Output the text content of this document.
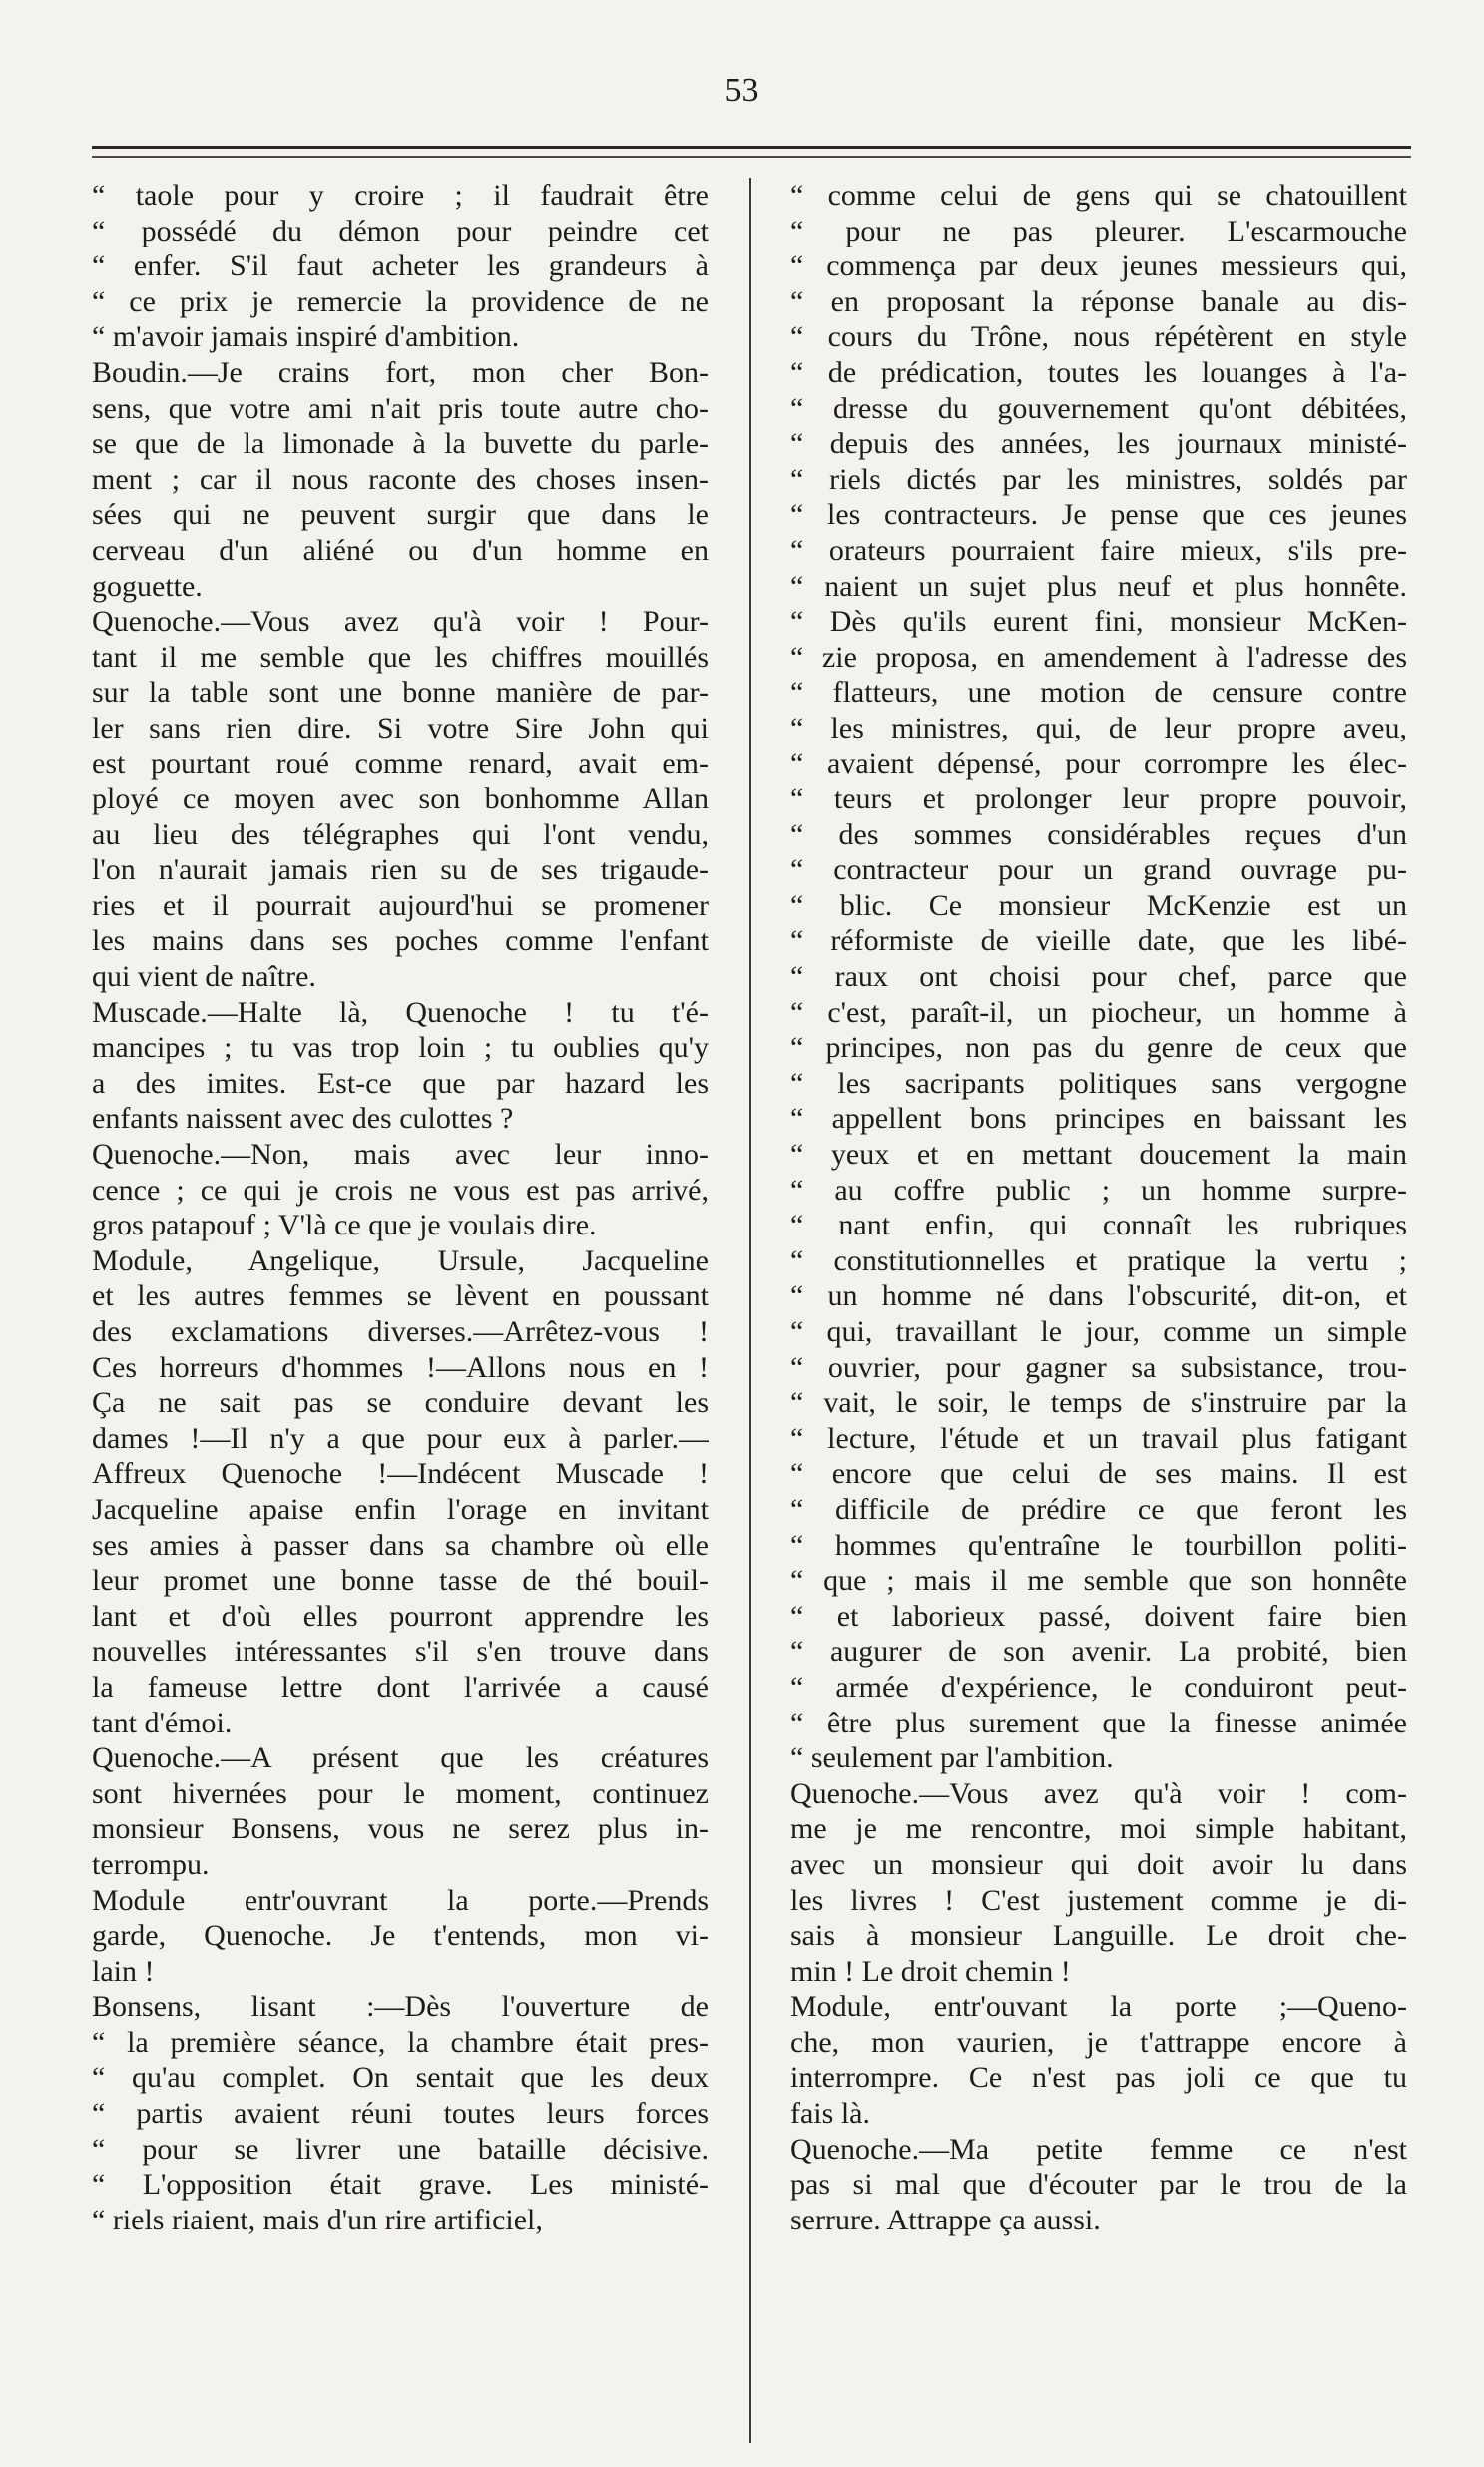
53
“ taole pour y croire ; il faudrait être
“ possédé du démon pour peindre cet
“ enfer. S'il faut acheter les grandeurs à
“ ce prix je remercie la providence de ne
“ m'avoir jamais inspiré d'ambition.
Boudin.—Je crains fort, mon cher Bon-
sens, que votre ami n'ait pris toute autre cho-
se que de la limonade à la buvette du parle-
ment ; car il nous raconte des choses insen-
sées qui ne peuvent surgir que dans le
cerveau d'un aliéné ou d'un homme en
goguette.
Quenoche.—Vous avez qu'à voir ! Pour-
tant il me semble que les chiffres mouillés
sur la table sont une bonne manière de par-
ler sans rien dire. Si votre Sire John qui
est pourtant roué comme renard, avait em-
ployé ce moyen avec son bonhomme Allan
au lieu des télégraphes qui l'ont vendu,
l'on n'aurait jamais rien su de ses trigaude-
ries et il pourrait aujourd'hui se promener
les mains dans ses poches comme l'enfant
qui vient de naître.
Muscade.—Halte là, Quenoche ! tu t'é-
mancipes ; tu vas trop loin ; tu oublies qu'y
a des imites. Est-ce que par hazard les
enfants naissent avec des culottes ?
Quenoche.—Non, mais avec leur inno-
cence ; ce qui je crois ne vous est pas arrivé,
gros patapouf ; V'là ce que je voulais dire.
Module, Angelique, Ursule, Jacqueline
et les autres femmes se lèvent en poussant
des exclamations diverses.—Arrêtez-vous !
Ces horreurs d'hommes !—Allons nous en !
Ça ne sait pas se conduire devant les
dames !—Il n'y a que pour eux à parler.—
Affreux Quenoche !—Indécent Muscade !
Jacqueline apaise enfin l'orage en invitant
ses amies à passer dans sa chambre où elle
leur promet une bonne tasse de thé bouil-
lant et d'où elles pourront apprendre les
nouvelles intéressantes s'il s'en trouve dans
la fameuse lettre dont l'arrivée a causé
tant d'émoi.
Quenoche.—A présent que les créatures
sont hivernées pour le moment, continuez
monsieur Bonsens, vous ne serez plus in-
terrompu.
Module entr'ouvrant la porte.—Prends
garde, Quenoche. Je t'entends, mon vi-
lain !
Bonsens, lisant :—Dès l'ouverture de
“ la première séance, la chambre était pres-
“ qu'au complet. On sentait que les deux
“ partis avaient réuni toutes leurs forces
“ pour se livrer une bataille décisive.
“ L'opposition était grave. Les ministé-
“ riels riaient, mais d'un rire artificiel,
“ comme celui de gens qui se chatouillent
“ pour ne pas pleurer. L'escarmouche
“ commença par deux jeunes messieurs qui,
“ en proposant la réponse banale au dis-
“ cours du Trône, nous répétèrent en style
“ de prédication, toutes les louanges à l'a-
“ dresse du gouvernement qu'ont débitées,
“ depuis des années, les journaux ministé-
“ riels dictés par les ministres, soldés par
“ les contracteurs. Je pense que ces jeunes
“ orateurs pourraient faire mieux, s'ils pre-
“ naient un sujet plus neuf et plus honnête.
“ Dès qu'ils eurent fini, monsieur McKen-
“ zie proposa, en amendement à l'adresse des
“ flatteurs, une motion de censure contre
“ les ministres, qui, de leur propre aveu,
“ avaient dépensé, pour corrompre les élec-
“ teurs et prolonger leur propre pouvoir,
“ des sommes considérables reçues d'un
“ contracteur pour un grand ouvrage pu-
“ blic. Ce monsieur McKenzie est un
“ réformiste de vieille date, que les libé-
“ raux ont choisi pour chef, parce que
“ c'est, paraît-il, un piocheur, un homme à
“ principes, non pas du genre de ceux que
“ les sacripants politiques sans vergogne
“ appellent bons principes en baissant les
“ yeux et en mettant doucement la main
“ au coffre public ; un homme surpre-
“ nant enfin, qui connaît les rubriques
“ constitutionnelles et pratique la vertu ;
“ un homme né dans l'obscurité, dit-on, et
“ qui, travaillant le jour, comme un simple
“ ouvrier, pour gagner sa subsistance, trou-
“ vait, le soir, le temps de s'instruire par la
“ lecture, l'étude et un travail plus fatigant
“ encore que celui de ses mains. Il est
“ difficile de prédire ce que feront les
“ hommes qu'entraîne le tourbillon politi-
“ que ; mais il me semble que son honnête
“ et laborieux passé, doivent faire bien
“ augurer de son avenir. La probité, bien
“ armée d'expérience, le conduiront peut-
“ être plus surement que la finesse animée
“ seulement par l'ambition.
Quenoche.—Vous avez qu'à voir ! com-
me je me rencontre, moi simple habitant,
avec un monsieur qui doit avoir lu dans
les livres ! C'est justement comme je di-
sais à monsieur Languille. Le droit che-
min ! Le droit chemin !
Module, entr'ouvant la porte ;—Queno-
che, mon vaurien, je t'attrappe encore à
interrompre. Ce n'est pas joli ce que tu
fais là.
Quenoche.—Ma petite femme ce n'est
pas si mal que d'écouter par le trou de la
serrure. Attrappe ça aussi.
